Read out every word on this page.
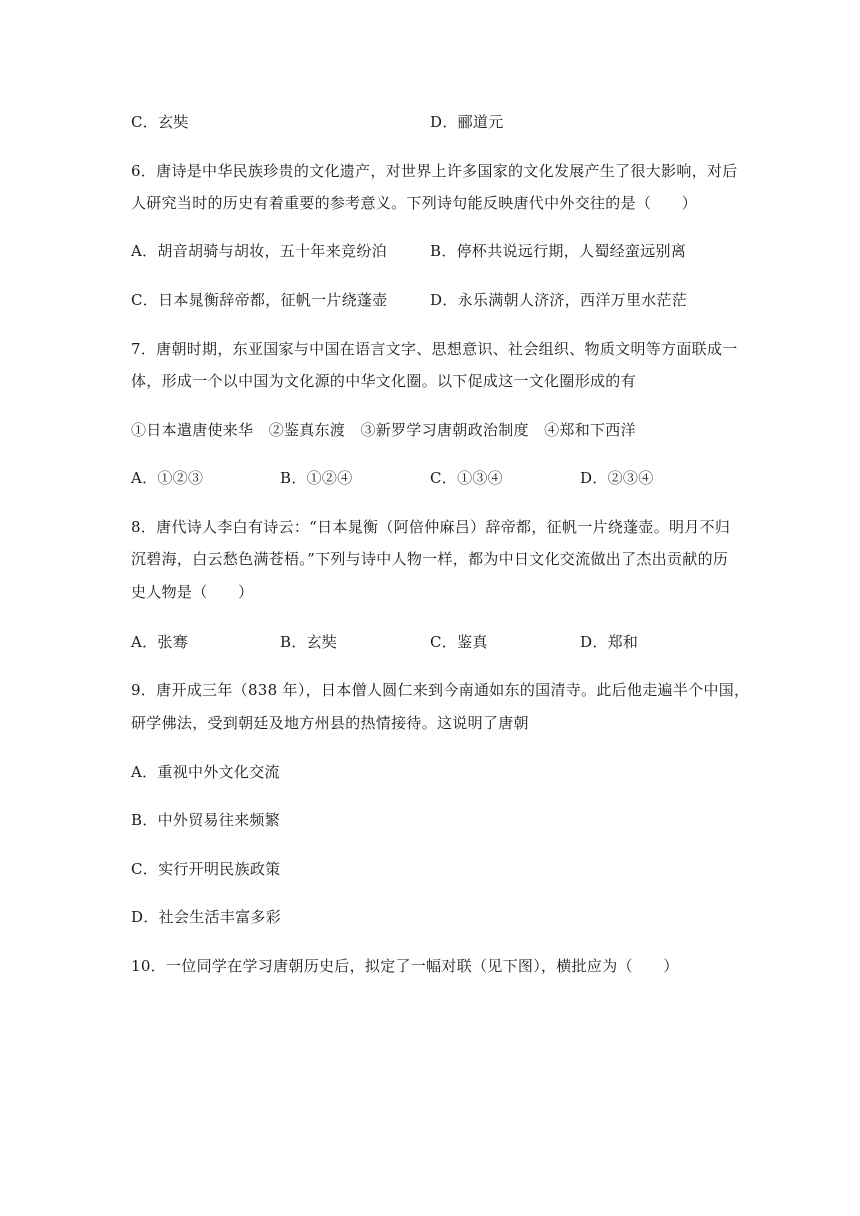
C．玄奘	D．郦道元
6．唐诗是中华民族珍贵的文化遗产，对世界上许多国家的文化发展产生了很大影响，对后
人研究当时的历史有着重要的参考意义。下列诗句能反映唐代中外交往的是（　　）
A．胡音胡骑与胡妆，五十年来竞纷泊	B．停杯共说远行期，人蜀经蛮远别离
C．日本晁衡辞帝都，征帆一片绕蓬壶	D．永乐满朝人济济，西洋万里水茫茫
7．唐朝时期，东亚国家与中国在语言文字、思想意识、社会组织、物质文明等方面联成一
体，形成一个以中国为文化源的中华文化圈。以下促成这一文化圈形成的有
①日本遣唐使来华　②鉴真东渡　③新罗学习唐朝政治制度　④郑和下西洋
A．①②③	B．①②④	C．①③④	D．②③④
8．唐代诗人李白有诗云：“日本晁衡（阿倍仲麻吕）辞帝都，征帆一片绕蓬壶。明月不归
沉碧海，白云愁色满苍梧。”下列与诗中人物一样，都为中日文化交流做出了杰出贡献的历
史人物是（　　）
A．张骞	B．玄奘	C．鉴真	D．郑和
9．唐开成三年（838 年），日本僧人圆仁来到今南通如东的国清寺。此后他走遍半个中国，
研学佛法，受到朝廷及地方州县的热情接待。这说明了唐朝
A．重视中外文化交流
B．中外贸易往来频繁
C．实行开明民族政策
D．社会生活丰富多彩
10．一位同学在学习唐朝历史后，拟定了一幅对联（见下图），横批应为（　　）
